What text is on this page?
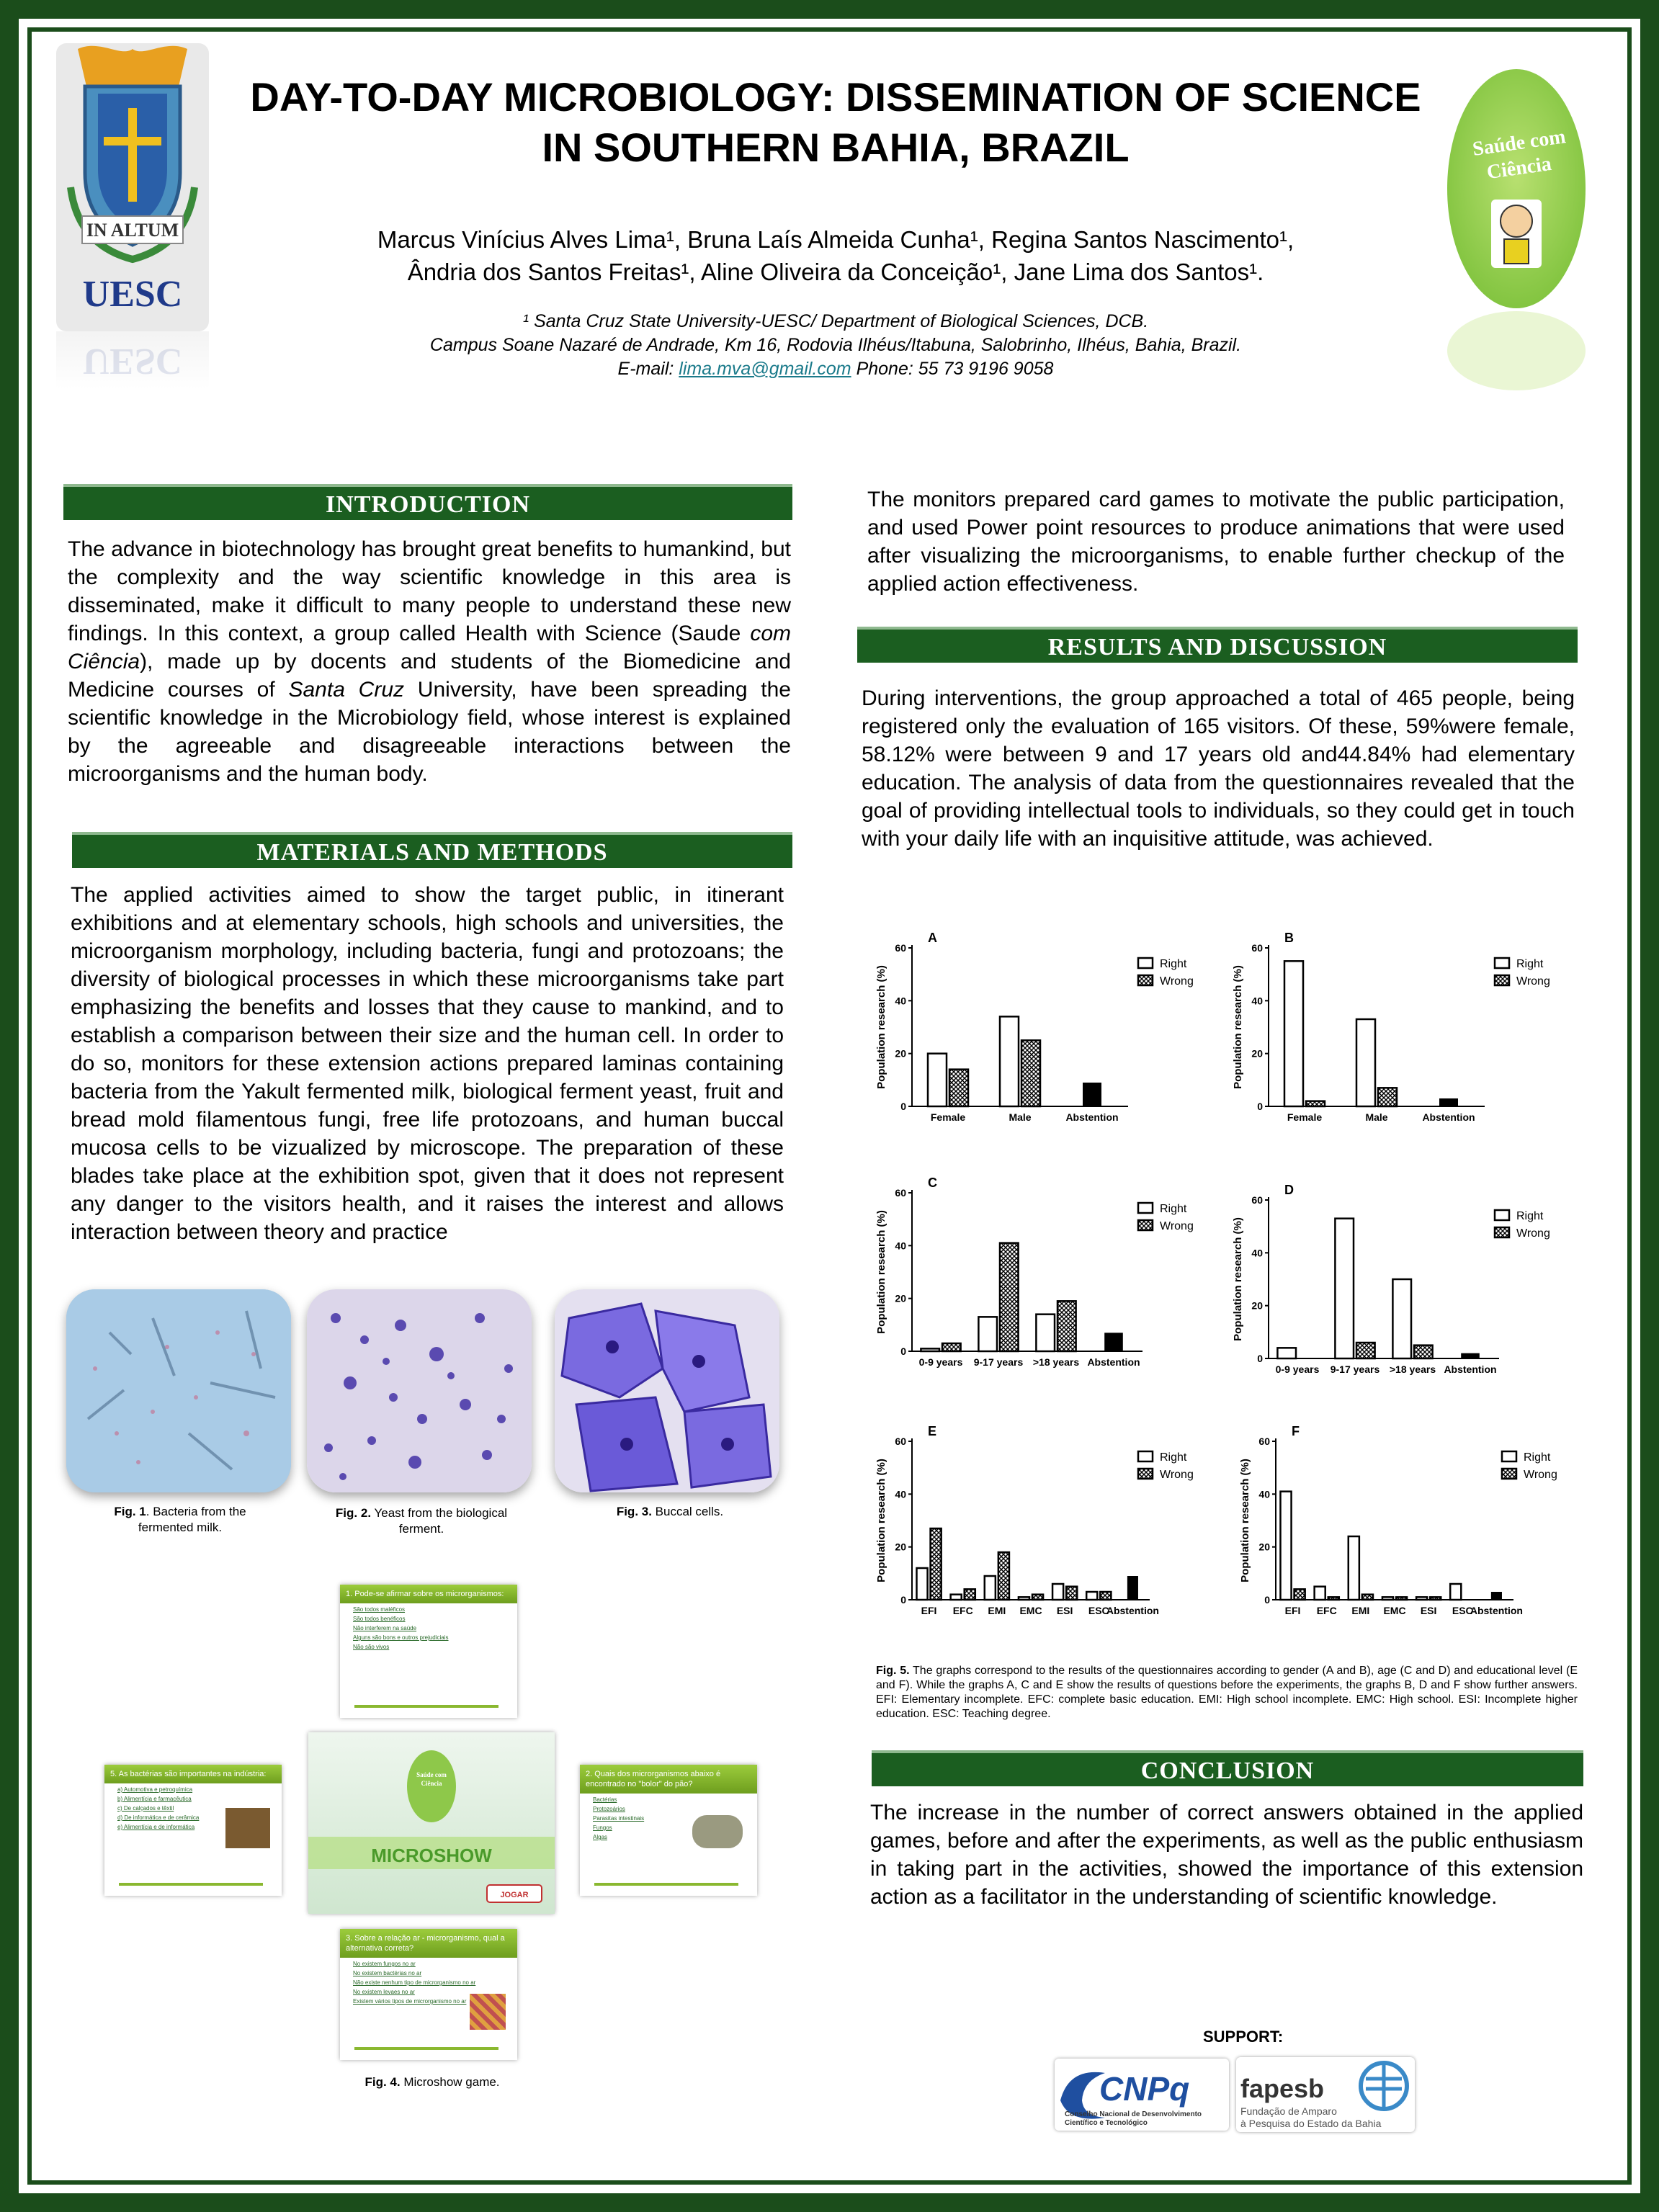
IN ALTUM
UESC
Saúde com
Ciência
DAY-TO-DAY MICROBIOLOGY: DISSEMINATION OF SCIENCE
IN SOUTHERN BAHIA, BRAZIL
Marcus Vinícius Alves Lima¹, Bruna Laís Almeida Cunha¹, Regina Santos Nascimento¹,
Ândria dos Santos Freitas¹, Aline Oliveira da Conceição¹, Jane Lima dos Santos¹.
¹ Santa Cruz State University-UESC/ Department of Biological Sciences, DCB.
Campus Soane Nazaré de Andrade, Km 16, Rodovia Ilhéus/Itabuna, Salobrinho, Ilhéus, Bahia, Brazil.
E-mail: lima.mva@gmail.com Phone: 55 73 9196 9058
INTRODUCTION

The advance in biotechnology has brought great benefits to humankind, but the complexity and the way scientific knowledge in this area is disseminated, make it difficult to many people to understand these new findings. In this context, a group called Health with Science (Saude com Ciência), made up by docents and students of the Biomedicine and Medicine courses of Santa Cruz University, have been spreading the scientific knowledge in the Microbiology field, whose interest is explained by the agreeable and disagreeable interactions between the microorganisms and the human body.

MATERIALS AND METHODS
The applied activities aimed to show the target public, in itinerant exhibitions and at elementary schools, high schools and universities, the microorganism morphology, including bacteria, fungi and protozoans; the diversity of biological processes in which these microorganisms take part emphasizing the benefits and losses that they cause to mankind, and to establish a comparison between their size and the human cell. In order to do so, monitors for these extension actions prepared laminas containing bacteria from the Yakult fermented milk, biological ferment yeast, fruit and bread mold filamentous fungi, free life protozoans, and human buccal mucosa cells to be vizualized by microscope. The preparation of these blades take place at the exhibition spot, given that it does not represent any danger to the visitors health, and it raises the interest and allows interaction between theory and practice
Fig. 1. Bacteria from the fermented milk.
Fig. 2. Yeast from the biological ferment.
Fig. 3. Buccal cells.
1. Pode-se afirmar sobre os microrganismos:
São todos maléficos
São todos benéficos
Não interferem na saúde
Alguns são bons e outros prejudiciais
Não são vivos
5. As bactérias são importantes na indústria:
a) Automotiva e petroquímica
b) Alimentícia e farmacêutica
c) De calçados e têxtil
d) De informática e de cerâmica
e) Alimentícia e de informática
Saúde com
Ciência
MICROSHOW
JOGAR
2. Quais dos microrganismos abaixo é encontrado no "bolor" do pão?
Bactérias
Protozoários
Parasitas intestinais
Fungos
Algas
3. Sobre a relação ar - microrganismo, qual a alternativa correta?
No existem fungos no ar
No existem bactérias no ar
Não existe nenhum tipo de microrganismo no ar
No existem levaes no ar
Existem vários tipos de microrganismo no ar
Fig. 4. Microshow game.
The monitors prepared card games to motivate the public participation, and used Power point resources to produce animations that were used after visualizing the microorganisms, to enable further checkup of the applied action effectiveness.
RESULTS AND DISCUSSION
During interventions, the group approached a total of 465 people, being registered only the evaluation of 165 visitors. Of these, 59%were female, 58.12% were between 9 and 17 years old and44.84% had elementary education. The analysis of data from the questionnaires revealed that the goal of providing intellectual tools to individuals, so they could get in touch with your daily life with an inquisitive attitude, was achieved.
A
Population research (%)
0
20
40
60
Female	Male	Abstention
Right
Wrong
B
Population research (%)
0
20
40
60
Female	Male	Abstention
Right
Wrong
C
Population research (%)
0
20
40
60
0-9 years 9-17 years >18 years Abstention
Right
Wrong
D
Population research (%)
0
20
40
60
0-9 years 9-17 years >18 years Abstention
Right
Wrong
E
Population research (%)
0
20
40
60
EFI EFC EMI EMC ESI ESC
Abstention
Right
Wrong
F
Population research (%)
0
20
40
60
EFI EFC EMI EMC ESI ESC
Abstention
Right
Wrong
Fig. 5. The graphs correspond to the results of the questionnaires according to gender (A and B), age (C and D) and educational level (E and F). While the graphs A, C and E show the results of questions before the experiments, the graphs B, D and F show further answers. EFI: Elementary incomplete. EFC: complete basic education. EMI: High school incomplete. EMC: High school. ESI: Incomplete higher education. ESC: Teaching degree.
CONCLUSION
The increase in the number of correct answers obtained in the applied games, before and after the experiments, as well as the public enthusiasm in taking part in the activities, showed the importance of this extension action as a facilitator in the understanding of scientific knowledge.
SUPPORT:
CNPq
Conselho Nacional de Desenvolvimento
Científico e Tecnológico
fapesb
Fundação de Amparo
à Pesquisa do Estado da Bahia
